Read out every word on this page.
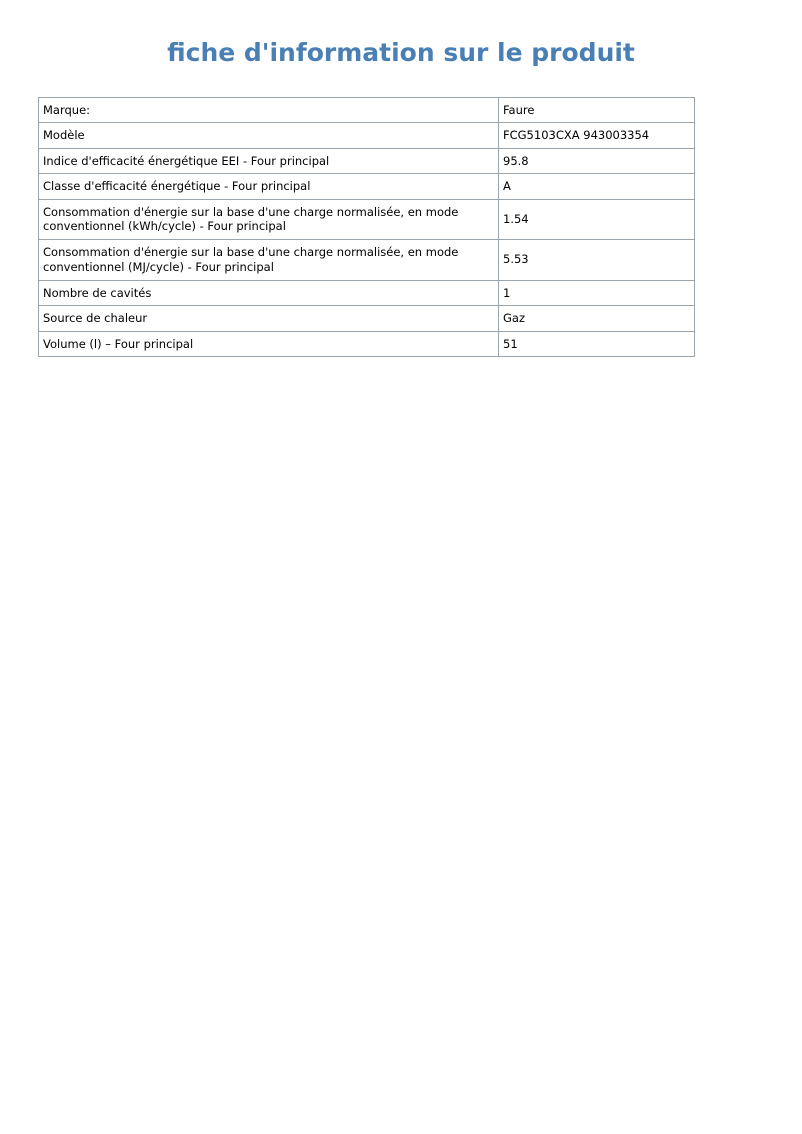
fiche d'information sur le produit
Marque:	Faure
Modèle	FCG5103CXA 943003354
Indice d'efficacité énergétique EEI - Four principal	95.8
Classe d'efficacité énergétique - Four principal	A
Consommation d'énergie sur la base d'une charge normalisée, en mode conventionnel (kWh/cycle) - Four principal	1.54
Consommation d'énergie sur la base d'une charge normalisée, en mode conventionnel (MJ/cycle) - Four principal	5.53
Nombre de cavités	1
Source de chaleur	Gaz
Volume (l) – Four principal	51
